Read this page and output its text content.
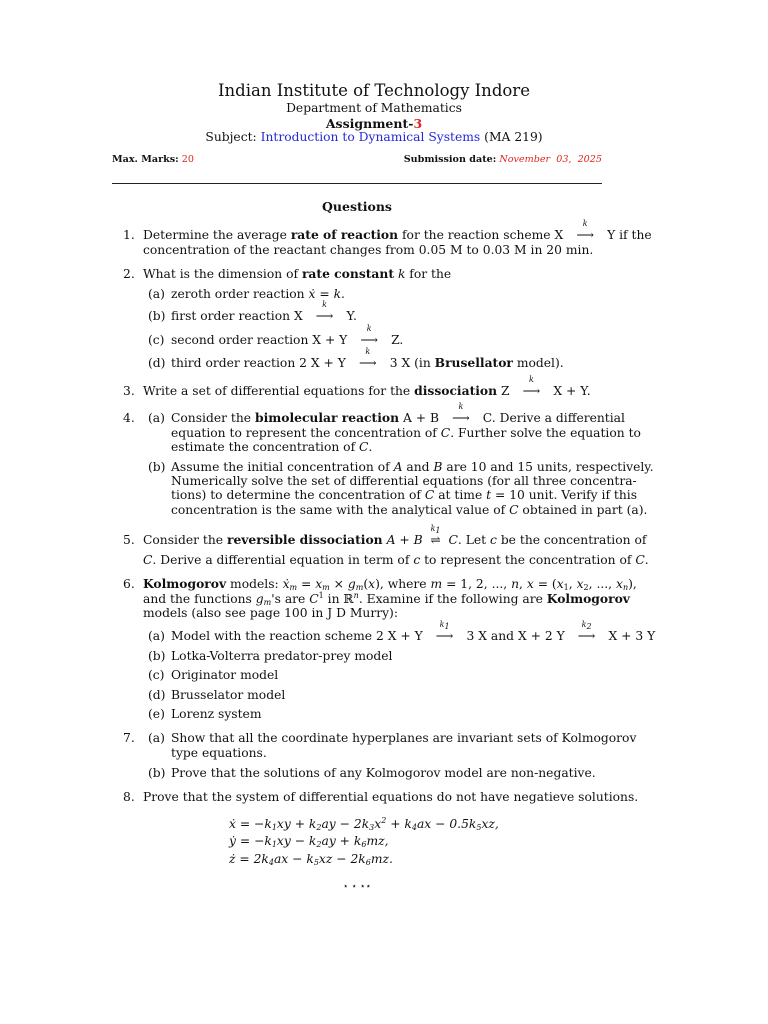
Indian Institute of Technology Indore
Department of Mathematics
Assignment-3
Subject: Introduction to Dynamical Systems (MA 219)
Max. Marks: 20	Submission date: November  03,  2025
Questions
1. Determine the average rate of reaction for the reaction scheme X
k
⟶ Y if the
concentration of the reactant changes from 0.05 M to 0.03 M in 20 min.
2. What is the dimension of rate constant k for the
(a) zeroth order reaction ẋ = k.
(b) first order reaction X
k
⟶ Y.
(c) second order reaction X + Y
k
⟶ Z.
(d) third order reaction 2 X + Y
k
⟶ 3 X (in Brusellator model).
3. Write a set of differential equations for the dissociation Z
k
⟶ X + Y.
4. (a) Consider the bimolecular reaction A + B
k
⟶ C. Derive a differential
equation to represent the concentration of C. Further solve the equation to
estimate the concentration of C.
(b) Assume the initial concentration of A and B are 10 and 15 units, respectively.
Numerically solve the set of differential equations (for all three concentra-
tions) to determine the concentration of C at time t = 10 unit. Verify if this
concentration is the same with the analytical value of C obtained in part (a).
5. Consider the reversible dissociation A + B
k1
⇌ C. Let c be the concentration of
C. Derive a differential equation in term of c to represent the concentration of C.
6. Kolmogorov models: ẋ$_m$ = $x_m \times g_m(x)$, where m = 1, 2, ..., n, $x = (x_1$, $x_2$, ..., $x_n$),
and the functions $g_m's$ are $C^1$ in ℝ$^n$. Examine if the following are Kolmogorov
models (also see page 100 in J D Murry):
(a) Model with the reaction scheme 2 X + Y
k1
⟶ 3 X and X + 2 Y
k2
⟶ X + 3 Y
(b) Lotka-Volterra predator-prey model
(c) Originator model
(d) Brusselator model
(e) Lorenz system
7. (a) Show that all the coordinate hyperplanes are invariant sets of Kolmogorov
type equations.
(b) Prove that the solutions of any Kolmogorov model are non-negative.
8. Prove that the system of differential equations do not have negatieve solutions.
ẋ = $-k_1xy + k_2ay - 2k_3x^2 + k_4ax - 0.5k_5xz$,
ẏ = $-k_1xy - k_2ay + k_6mz$,
ż = $2k_4ax - k_5xz - 2k_6mz$.
⋆ ⋆ ⋆⋆
